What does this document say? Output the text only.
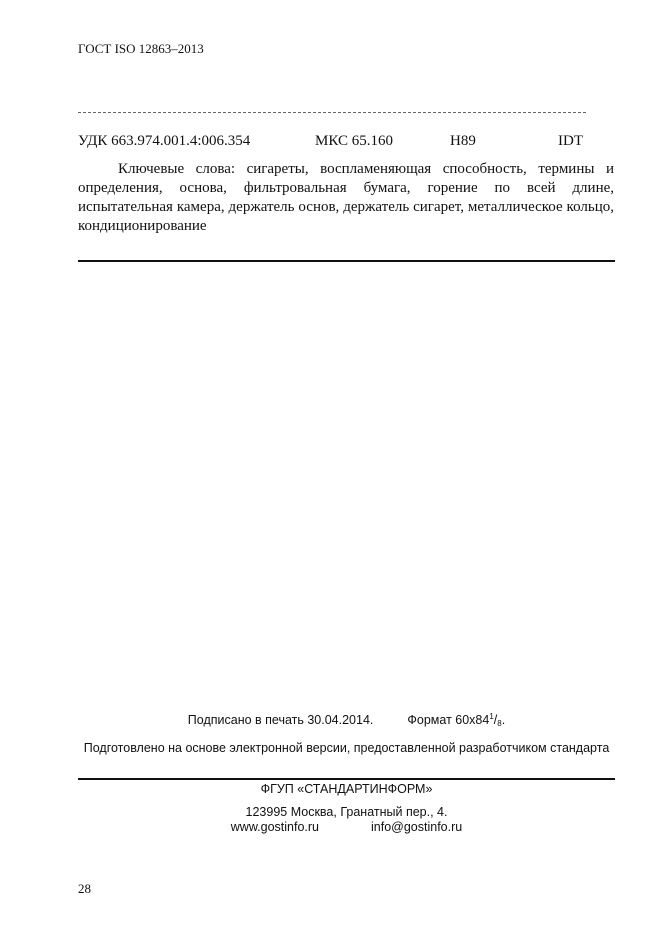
ГОСТ ISO 12863–2013
УДК 663.974.001.4:006.354	МКС 65.160	Н89	IDT
Ключевые слова: сигареты, воспламеняющая способность, термины и определения, основа, фильтровальная бумага, горение по всей длине, испытательная камера, держатель основ, держатель сигарет, металлическое кольцо, кондиционирование
Подписано в печать 30.04.2014.	Формат $60x84^1/_8$.
Подготовлено на основе электронной версии, предоставленной разработчиком стандарта
ФГУП «СТАНДАРТИНФОРМ»
123995 Москва, Гранатный пер., 4.
www.gostinfo.ru	info@gostinfo.ru
28
